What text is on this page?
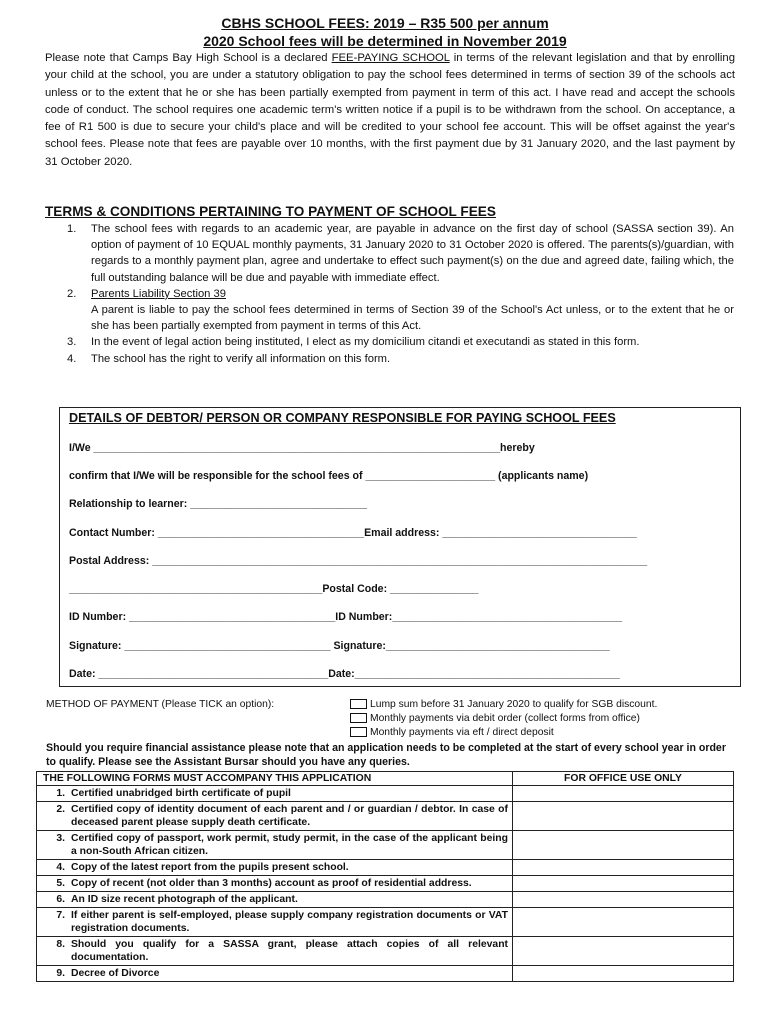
CBHS SCHOOL FEES: 2019 – R35 500 per annum
2020 School fees will be determined in November 2019
Please note that Camps Bay High School is a declared FEE-PAYING SCHOOL in terms of the relevant legislation and that by enrolling your child at the school, you are under a statutory obligation to pay the school fees determined in terms of section 39 of the schools act unless or to the extent that he or she has been partially exempted from payment in term of this act. I have read and accept the schools code of conduct. The school requires one academic term's written notice if a pupil is to be withdrawn from the school. On acceptance, a fee of R1 500 is due to secure your child's place and will be credited to your school fee account. This will be offset against the year's school fees. Please note that fees are payable over 10 months, with the first payment due by 31 January 2020, and the last payment by 31 October 2020.
TERMS & CONDITIONS PERTAINING TO PAYMENT OF SCHOOL FEES
1. The school fees with regards to an academic year, are payable in advance on the first day of school (SASSA section 39). An option of payment of 10 EQUAL monthly payments, 31 January 2020 to 31 October 2020 is offered. The parents(s)/guardian, with regards to a monthly payment plan, agree and undertake to effect such payment(s) on the due and agreed date, failing which, the full outstanding balance will be due and payable with immediate effect.
2. Parents Liability Section 39
A parent is liable to pay the school fees determined in terms of Section 39 of the School's Act unless, or to the extent that he or she has been partially exempted from payment in terms of this Act.
3. In the event of legal action being instituted, I elect as my domicilium citandi et executandi as stated in this form.
4. The school has the right to verify all information on this form.
DETAILS OF DEBTOR/ PERSON OR COMPANY RESPONSIBLE FOR PAYING SCHOOL FEES
I/We _____________________________________________________________________hereby
confirm that I/We will be responsible for the school fees of ______________________ (applicants name)
Relationship to learner: ______________________________
Contact Number: ___________________________________Email address: _________________________________
Postal Address: ____________________________________________________________________________________
___________________________________________Postal Code: _______________
ID Number: ___________________________________ID Number:_______________________________________
Signature: ___________________________________ Signature:______________________________________
Date: _______________________________________Date:_____________________________________________
METHOD OF PAYMENT (Please TICK an option):	Lump sum before 31 January 2020 to qualify for SGB discount.
Monthly payments via debit order (collect forms from office)
Monthly payments via eft / direct deposit
Should you require financial assistance please note that an application needs to be completed at the start of every school year in order to qualify. Please see the Assistant Bursar should you have any queries.
THE FOLLOWING FORMS MUST ACCOMPANY THIS APPLICATION	FOR OFFICE USE ONLY

1. Certified unabridged birth certificate of pupil	

2. Certified copy of identity document of each parent and / or guardian / debtor. In case of deceased parent please supply death certificate.	

3. Certified copy of passport, work permit, study permit, in the case of the applicant being a non-South African citizen.	

4. Copy of the latest report from the pupils present school.	

5. Copy of recent (not older than 3 months) account as proof of residential address.	

6. An ID size recent photograph of the applicant.	

7. If either parent is self-employed, please supply company registration documents or VAT registration documents.	

8. Should you qualify for a SASSA grant, please attach copies of all relevant documentation.	

9. Decree of Divorce	
